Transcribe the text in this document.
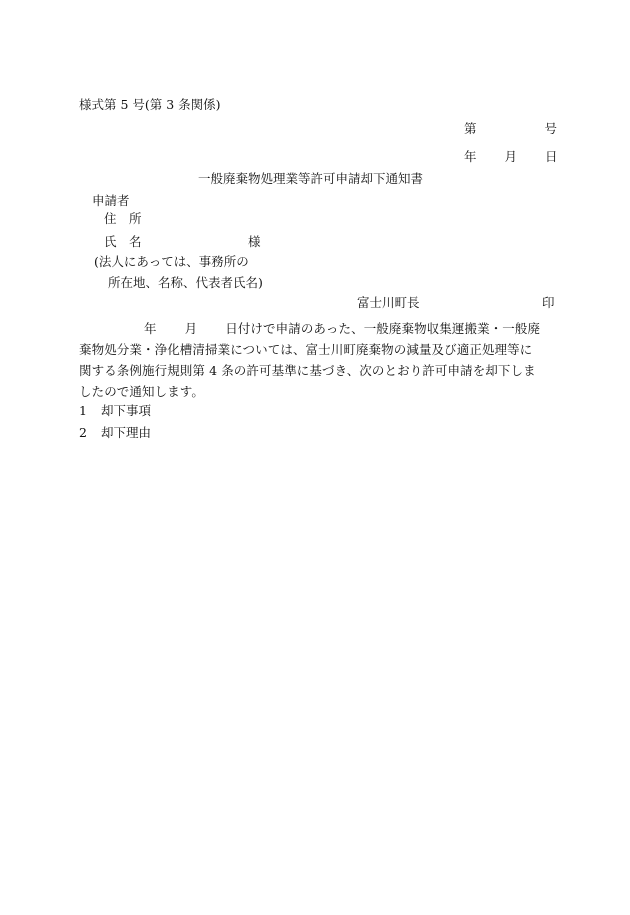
様式第 5 号(第 3 条関係)
第	号
年 月 日
一般廃棄物処理業等許可申請却下通知書
申請者
住　所
氏　名	様
(法人にあっては、事務所の
所在地、名称、代表者氏名)
富士川町長	印

年 月 日付けで申請のあった、一般廃棄物収集運搬業・一般廃

棄物処分業・浄化槽清掃業については、富士川町廃棄物の減量及び適正処理等に

関する条例施行規則第 4 条の許可基準に基づき、次のとおり許可申請を却下しま

したので通知します。

1 却下事項
2 却下理由
